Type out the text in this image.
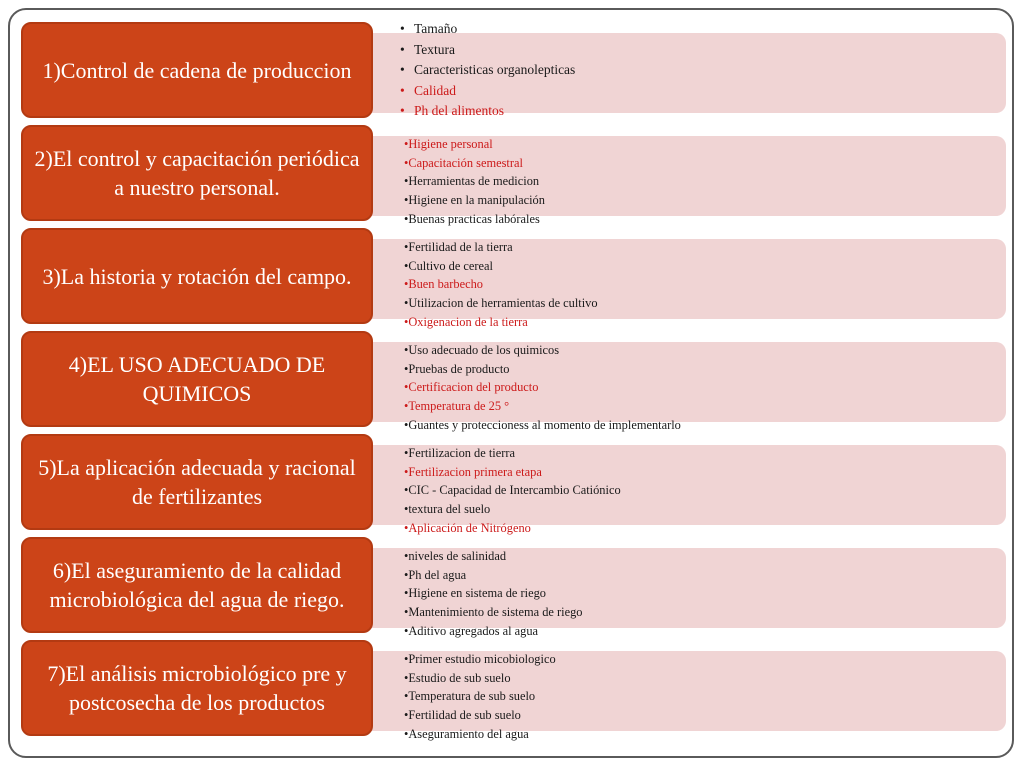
1)Control de cadena de produccion
• Tamaño
• Textura
• Caracteristicas organolepticas
• Calidad
• Ph del alimentos
2)El control y capacitación periódica a nuestro personal.
•Higiene personal
•Capacitación semestral
•Herramientas de medicion
•Higiene en la manipulación
•Buenas practicas labórales
3)La historia y rotación del campo.
•Fertilidad de la tierra
•Cultivo de cereal
•Buen barbecho
•Utilizacion de herramientas de cultivo
•Oxigenacion de la tierra
4)EL USO ADECUADO DE QUIMICOS
•Uso adecuado de los quimicos
•Pruebas de producto
•Certificacion del producto
•Temperatura de 25 °
•Guantes y proteccioness al momento de implementarlo
5)La aplicación adecuada y racional de fertilizantes
•Fertilizacion de tierra
•Fertilizacion primera etapa
•CIC - Capacidad de Intercambio Catiónico
•textura del suelo
•Aplicación de Nitrógeno
6)El aseguramiento de la calidad microbiológica del agua de riego.
•niveles de salinidad
•Ph del agua
•Higiene en sistema de riego
•Mantenimiento de sistema de riego
•Aditivo agregados al agua
7)El análisis microbiológico pre y postcosecha de los productos
•Primer estudio micobiologico
•Estudio de sub suelo
•Temperatura de sub suelo
•Fertilidad de sub suelo
•Aseguramiento del agua
